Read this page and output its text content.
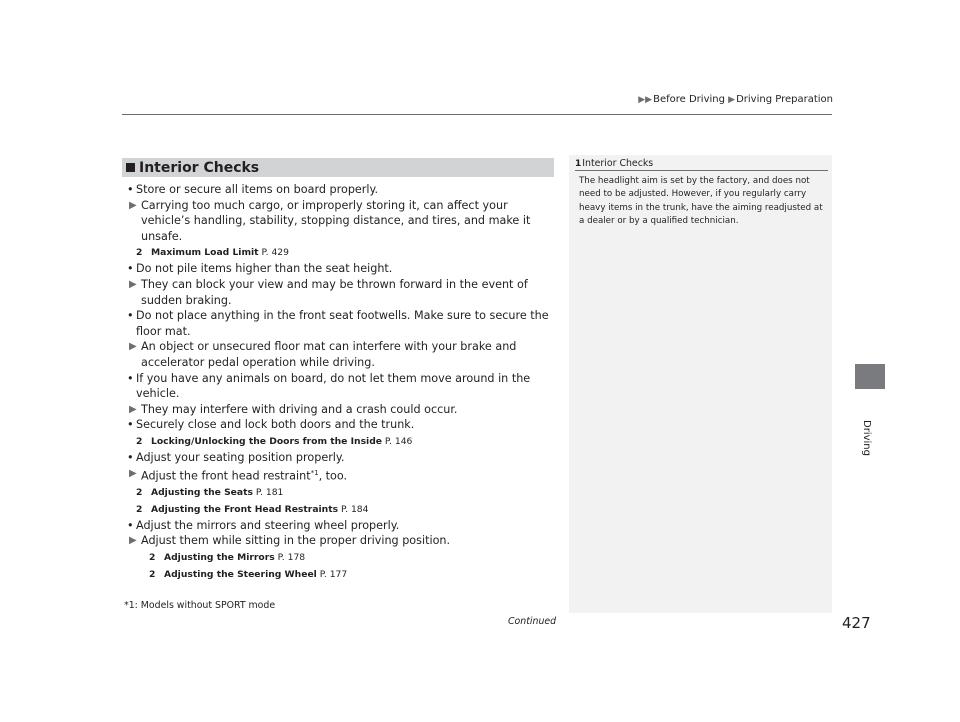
▶▶Before Driving ▶Driving Preparation
Driving
Interior Checks
• Store or secure all items on board properly.
▶ Carrying too much cargo, or improperly storing it, can affect your vehicle’s handling, stability, stopping distance, and tires, and make it unsafe.
2 Maximum Load Limit P. 429
• Do not pile items higher than the seat height.
▶ They can block your view and may be thrown forward in the event of sudden braking.
• Do not place anything in the front seat footwells. Make sure to secure the floor mat.
▶ An object or unsecured floor mat can interfere with your brake and accelerator pedal operation while driving.
• If you have any animals on board, do not let them move around in the vehicle.
▶ They may interfere with driving and a crash could occur.
• Securely close and lock both doors and the trunk.
2 Locking/Unlocking the Doors from the Inside P. 146
• Adjust your seating position properly.
▶ Adjust the front head restraint$^{*1}$, too.
2 Adjusting the Seats P. 181
2 Adjusting the Front Head Restraints P. 184
• Adjust the mirrors and steering wheel properly.
▶ Adjust them while sitting in the proper driving position.
2 Adjusting the Mirrors P. 178
2 Adjusting the Steering Wheel P. 177
*1: Models without SPORT mode
Continued	427
1 Interior Checks
The headlight aim is set by the factory, and does not need to be adjusted. However, if you regularly carry heavy items in the trunk, have the aiming readjusted at a dealer or by a qualified technician.
